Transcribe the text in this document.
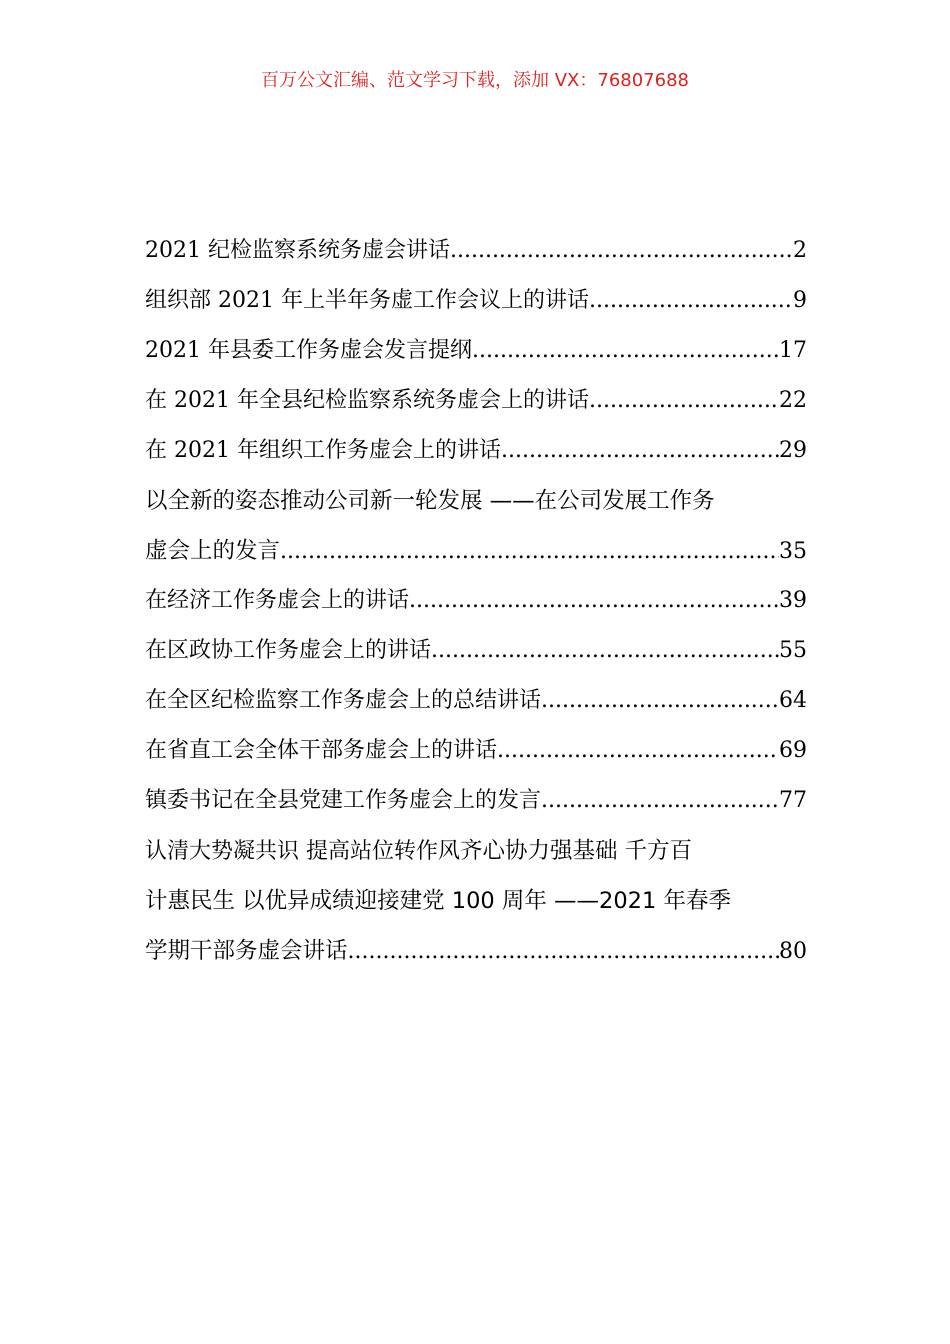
百万公文汇编、范文学习下载，添加 VX：76807688
2021 纪检监察系统务虚会讲话 .....	2
组织部 2021 年上半年务虚工作会议上的讲话 .....	9
2021 年县委工作务虚会发言提纲 .....	17
在 2021 年全县纪检监察系统务虚会上的讲话 .....	22
在 2021 年组织工作务虚会上的讲话 .....	29
以全新的姿态推动公司新一轮发展 ——在公司发展工作务
虚会上的发言 .....	35
在经济工作务虚会上的讲话 .....	39
在区政协工作务虚会上的讲话 .....	55
在全区纪检监察工作务虚会上的总结讲话 .....	64
在省直工会全体干部务虚会上的讲话 .....	69
镇委书记在全县党建工作务虚会上的发言 .....	77
认清大势凝共识 提高站位转作风 齐心协力强基础 千方百
计惠民生 以优异成绩迎接建党 100 周年 ——2021 年春季
学期干部务虚会讲话 .....	80
